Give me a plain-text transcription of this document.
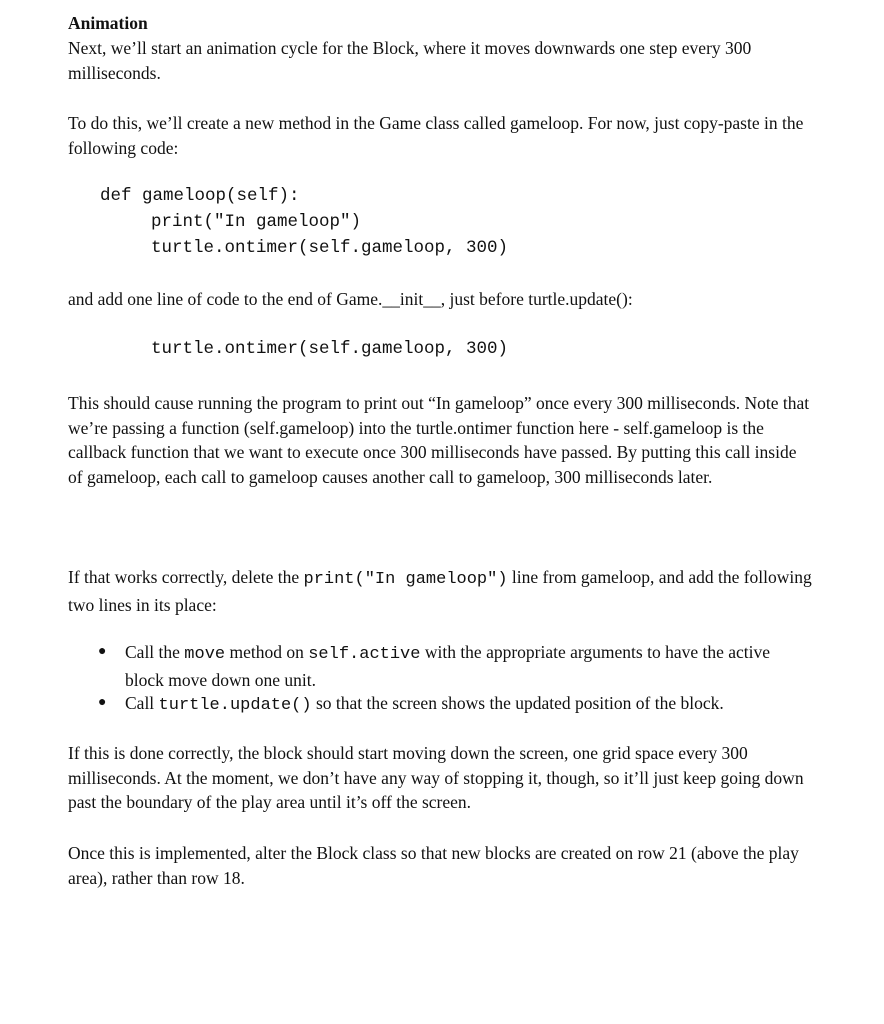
Animation

Next, we’ll start an animation cycle for the Block, where it moves downwards one step every 300 milliseconds.

To do this, we’ll create a new method in the Game class called gameloop. For now, just copy-paste in the following code:

def gameloop(self):
print("In gameloop")
turtle.ontimer(self.gameloop, 300)

and add one line of code to the end of Game.__init__, just before turtle.update():

turtle.ontimer(self.gameloop, 300)

This should cause running the program to print out “In gameloop” once every 300 milliseconds. Note that we’re passing a function (self.gameloop) into the turtle.ontimer function here - self.gameloop is the callback function that we want to execute once 300 milliseconds have passed. By putting this call inside of gameloop, each call to gameloop causes another call to gameloop, 300 milliseconds later.

If that works correctly, delete the print("In gameloop") line from gameloop, and add the following two lines in its place:

● Call the move method on self.active with the appropriate arguments to have the active block move down one unit.

● Call turtle.update() so that the screen shows the updated position of the block.

If this is done correctly, the block should start moving down the screen, one grid space every 300 milliseconds. At the moment, we don’t have any way of stopping it, though, so it’ll just keep going down past the boundary of the play area until it’s off the screen.

Once this is implemented, alter the Block class so that new blocks are created on row 21 (above the play area), rather than row 18.
